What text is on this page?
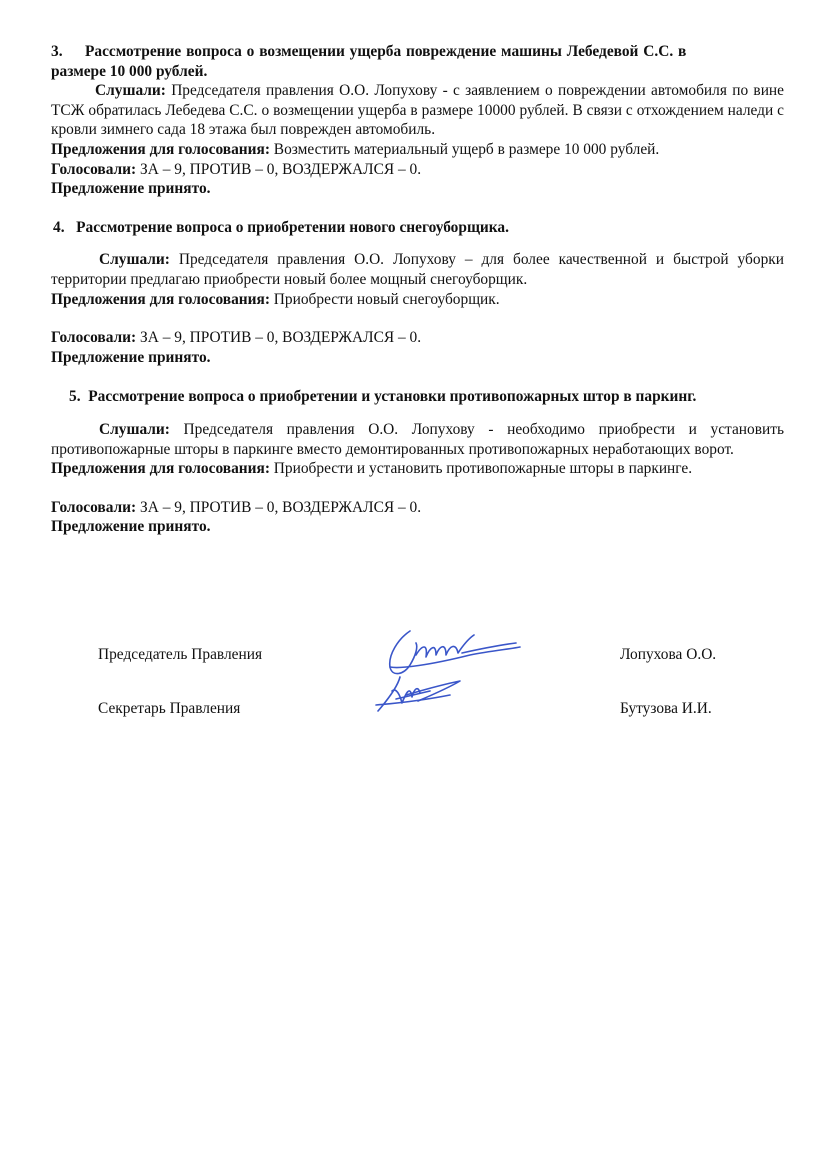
3.	Рассмотрение вопроса о возмещении ущерба повреждение машины Лебедевой С.С. в

размере 10 000 рублей.

Слушали: Председателя правления О.О. Лопухову - с заявлением о повреждении автомобиля по вине ТСЖ обратилась Лебедева С.С. о возмещении ущерба в размере 10000 рублей. В связи с отхождением наледи с кровли зимнего сада 18 этажа был поврежден автомобиль.

Предложения для голосования: Возместить материальный ущерб в размере 10 000 рублей.

Голосовали: ЗА – 9, ПРОТИВ – 0, ВОЗДЕРЖАЛСЯ – 0.

Предложение принято.

4. Рассмотрение вопроса о приобретении нового снегоуборщика.

Слушали: Председателя правления О.О. Лопухову – для более качественной и быстрой уборки территории предлагаю приобрести новый более мощный снегоуборщик.

Предложения для голосования: Приобрести новый снегоуборщик.

Голосовали: ЗА – 9, ПРОТИВ – 0, ВОЗДЕРЖАЛСЯ – 0.

Предложение принято.

5. Рассмотрение вопроса о приобретении и установки противопожарных штор в паркинг.

Слушали: Председателя правления О.О. Лопухову - необходимо приобрести и установить противопожарные шторы в паркинге вместо демонтированных противопожарных неработающих ворот.

Предложения для голосования: Приобрести и установить противопожарные шторы в паркинге.

Голосовали: ЗА – 9, ПРОТИВ – 0, ВОЗДЕРЖАЛСЯ – 0.

Предложение принято.

Председатель Правления	Лопухова О.О.
Секретарь Правления	Бутузова И.И.
